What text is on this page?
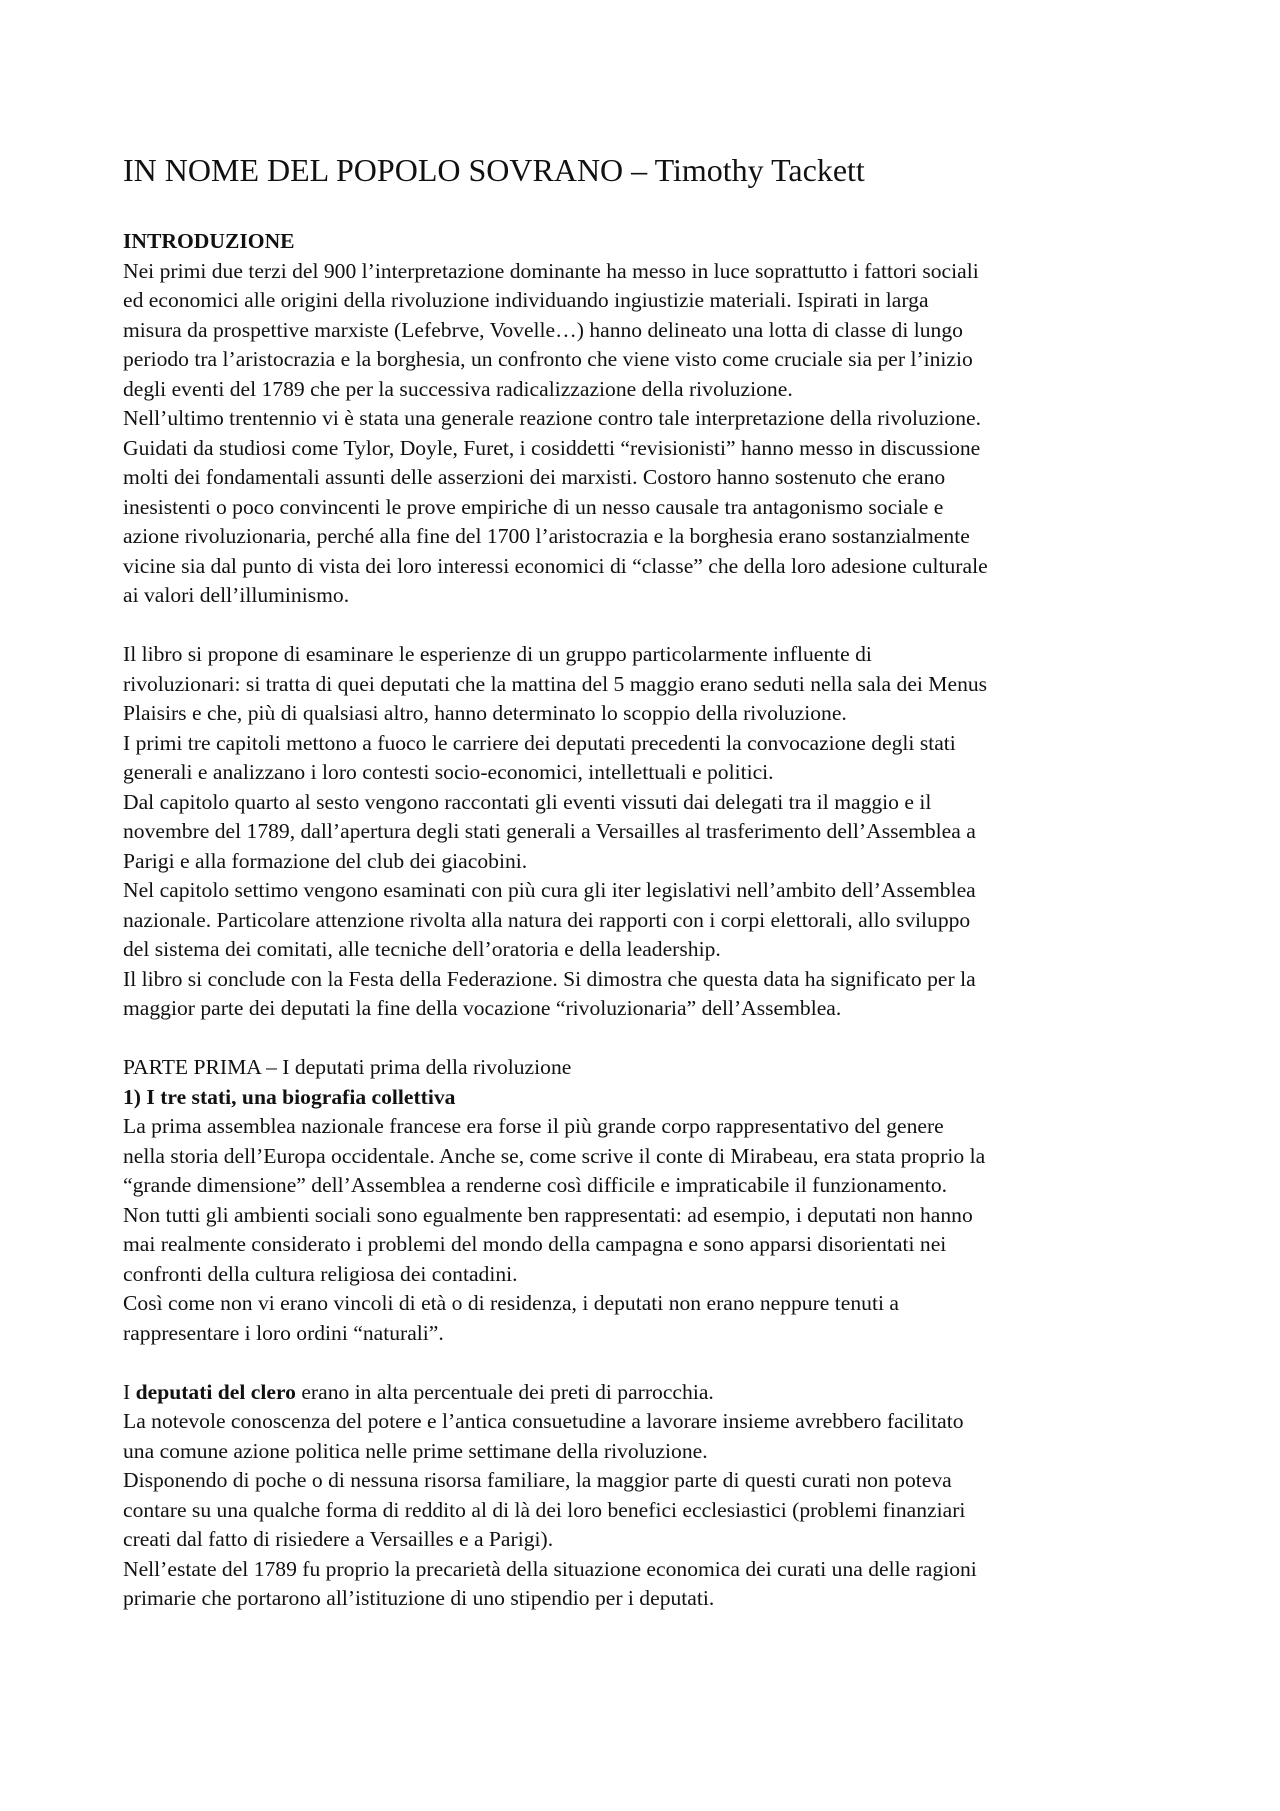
IN NOME DEL POPOLO SOVRANO – Timothy Tackett

INTRODUZIONE

Nei primi due terzi del 900 l’interpretazione dominante ha messo in luce soprattutto i fattori sociali

ed economici alle origini della rivoluzione individuando ingiustizie materiali. Ispirati in larga

misura da prospettive marxiste (Lefebrve, Vovelle…) hanno delineato una lotta di classe di lungo

periodo tra l’aristocrazia e la borghesia, un confronto che viene visto come cruciale sia per l’inizio

degli eventi del 1789 che per la successiva radicalizzazione della rivoluzione.

Nell’ultimo trentennio vi è stata una generale reazione contro tale interpretazione della rivoluzione.

Guidati da studiosi come Tylor, Doyle, Furet, i cosiddetti “revisionisti” hanno messo in discussione

molti dei fondamentali assunti delle asserzioni dei marxisti. Costoro hanno sostenuto che erano

inesistenti o poco convincenti le prove empiriche di un nesso causale tra antagonismo sociale e

azione rivoluzionaria, perché alla fine del 1700 l’aristocrazia e la borghesia erano sostanzialmente

vicine sia dal punto di vista dei loro interessi economici di “classe” che della loro adesione culturale

ai valori dell’illuminismo.

Il libro si propone di esaminare le esperienze di un gruppo particolarmente influente di

rivoluzionari: si tratta di quei deputati che la mattina del 5 maggio erano seduti nella sala dei Menus

Plaisirs e che, più di qualsiasi altro, hanno determinato lo scoppio della rivoluzione.

I primi tre capitoli mettono a fuoco le carriere dei deputati precedenti la convocazione degli stati

generali e analizzano i loro contesti socio-economici, intellettuali e politici.

Dal capitolo quarto al sesto vengono raccontati gli eventi vissuti dai delegati tra il maggio e il

novembre del 1789, dall’apertura degli stati generali a Versailles al trasferimento dell’Assemblea a

Parigi e alla formazione del club dei giacobini.

Nel capitolo settimo vengono esaminati con più cura gli iter legislativi nell’ambito dell’Assemblea

nazionale. Particolare attenzione rivolta alla natura dei rapporti con i corpi elettorali, allo sviluppo

del sistema dei comitati, alle tecniche dell’oratoria e della leadership.

Il libro si conclude con la Festa della Federazione. Si dimostra che questa data ha significato per la

maggior parte dei deputati la fine della vocazione “rivoluzionaria” dell’Assemblea.

PARTE PRIMA – I deputati prima della rivoluzione

1) I tre stati, una biografia collettiva

La prima assemblea nazionale francese era forse il più grande corpo rappresentativo del genere

nella storia dell’Europa occidentale. Anche se, come scrive il conte di Mirabeau, era stata proprio la

“grande dimensione” dell’Assemblea a renderne così difficile e impraticabile il funzionamento.

Non tutti gli ambienti sociali sono egualmente ben rappresentati: ad esempio, i deputati non hanno

mai realmente considerato i problemi del mondo della campagna e sono apparsi disorientati nei

confronti della cultura religiosa dei contadini.

Così come non vi erano vincoli di età o di residenza, i deputati non erano neppure tenuti a

rappresentare i loro ordini “naturali”.

I deputati del clero erano in alta percentuale dei preti di parrocchia.

La notevole conoscenza del potere e l’antica consuetudine a lavorare insieme avrebbero facilitato

una comune azione politica nelle prime settimane della rivoluzione.

Disponendo di poche o di nessuna risorsa familiare, la maggior parte di questi curati non poteva

contare su una qualche forma di reddito al di là dei loro benefici ecclesiastici (problemi finanziari

creati dal fatto di risiedere a Versailles e a Parigi).

Nell’estate del 1789 fu proprio la precarietà della situazione economica dei curati una delle ragioni

primarie che portarono all’istituzione di uno stipendio per i deputati.
